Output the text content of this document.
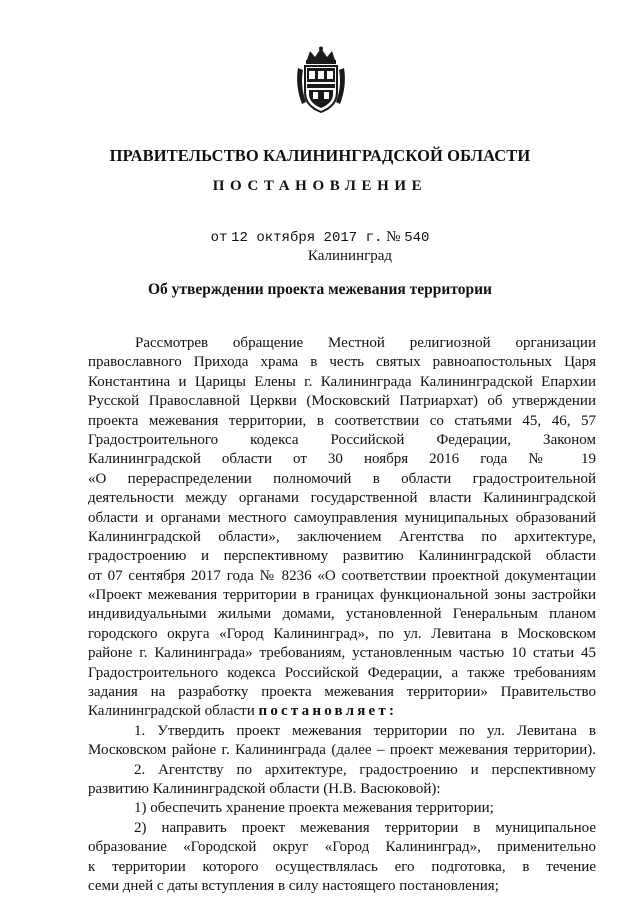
ПРАВИТЕЛЬСТВО КАЛИНИНГРАДСКОЙ ОБЛАСТИ
ПОСТАНОВЛЕНИЕ
от 12 октября 2017 г. № 540
Калининград
Об утверждении проекта межевания территории
Рассмотрев обращение Местной религиозной организации
православного Прихода храма в честь святых равноапостольных Царя
Константина и Царицы Елены г. Калининграда Калининградской Епархии
Русской Православной Церкви (Московский Патриархат) об утверждении
проекта межевания территории, в соответствии со статьями 45, 46, 57
Градостроительного кодекса Российской Федерации, Законом
Калининградской области от 30 ноября 2016 года № 19
«О перераспределении полномочий в области градостроительной
деятельности между органами государственной власти Калининградской
области и органами местного самоуправления муниципальных образований
Калининградской области», заключением Агентства по архитектуре,
градостроению и перспективному развитию Калининградской области
от 07 сентября 2017 года № 8236 «О соответствии проектной документации
«Проект межевания территории в границах функциональной зоны застройки
индивидуальными жилыми домами, установленной Генеральным планом
городского округа «Город Калининград», по ул. Левитана в Московском
районе г. Калининграда» требованиям, установленным частью 10 статьи 45
Градостроительного кодекса Российской Федерации, а также требованиям
задания на разработку проекта межевания территории» Правительство
Калининградской области постановляет:
1. Утвердить проект межевания территории по ул. Левитана в
Московском районе г. Калининграда (далее – проект межевания территории).
2. Агентству по архитектуре, градостроению и перспективному
развитию Калининградской области (Н.В. Васюковой):
1) обеспечить хранение проекта межевания территории;
2) направить проект межевания территории в муниципальное
образование «Городской округ «Город Калининград», применительно
к территории которого осуществлялась его подготовка, в течение
семи дней с даты вступления в силу настоящего постановления;
